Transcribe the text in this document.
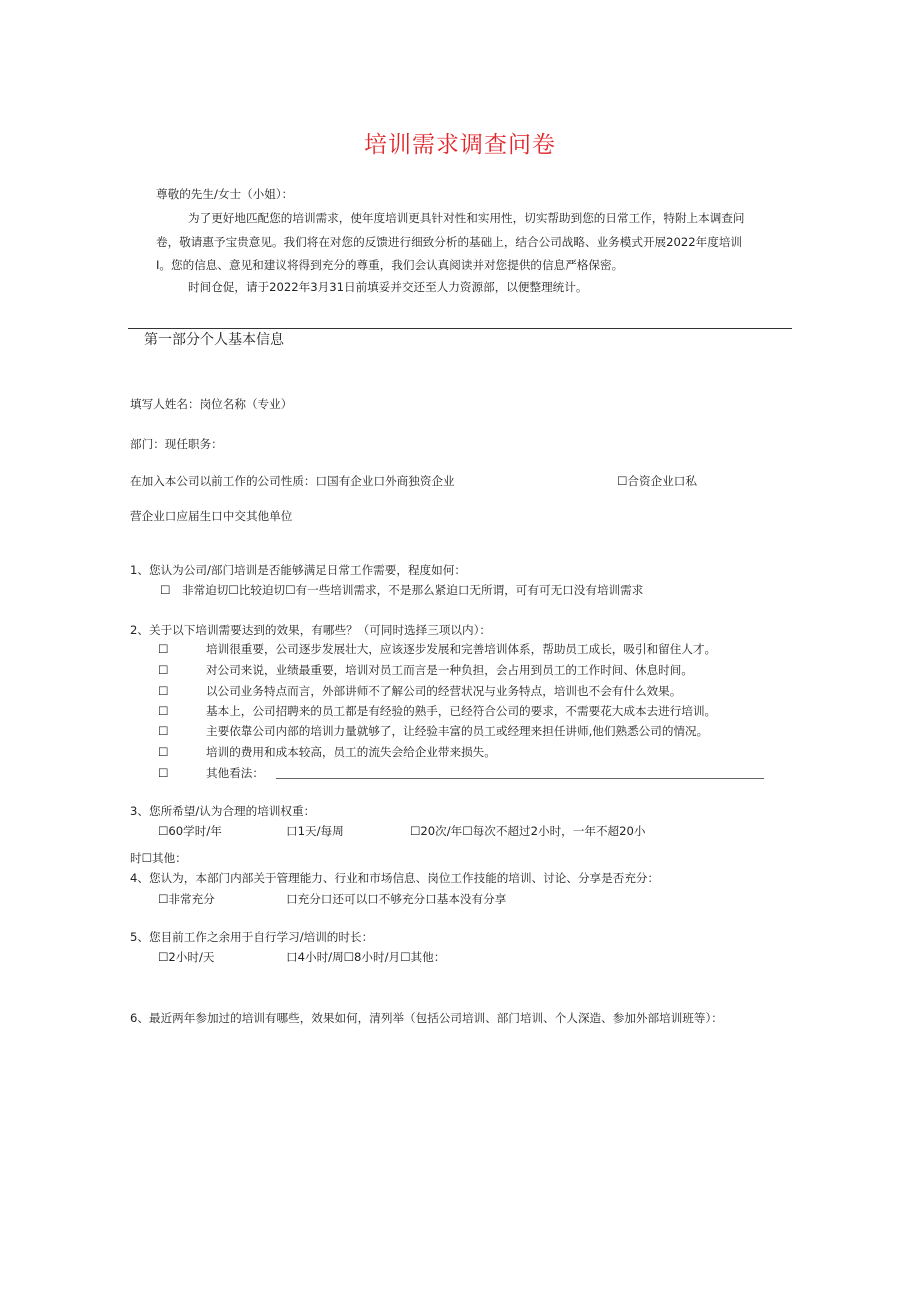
培训需求调查问卷
尊敬的先生/女士（小姐）：
为了更好地匹配您的培训需求，使年度培训更具针对性和实用性，切实帮助到您的日常工作，特附上本调查问
卷，敬请惠予宝贵意见。我们将在对您的反馈进行细致分析的基础上，结合公司战略、业务模式开展2022年度培训
I。您的信息、意见和建议将得到充分的尊重，我们会认真阅读并对您提供的信息严格保密。
时间仓促，请于2022年3月31日前填妥并交还至人力资源部，以便整理统计。
第一部分个人基本信息
填写人姓名：岗位名称（专业）
部门：现任职务：
在加入本公司以前工作的公司性质：口国有企业口外商独资企业	☐合资企业口私
营企业口应届生口中交其他单位
1、您认为公司/部门培训是否能够满足日常工作需要，程度如何：
☐　非常迫切☐比较迫切☐有一些培训需求，不是那么紧迫口无所谓，可有可无口没有培训需求
2、关于以下培训需要达到的效果，有哪些？（可同时选择三项以内）：
☐	培训很重要，公司逐步发展壮大，应该逐步发展和完善培训体系，帮助员工成长，吸引和留住人才。
☐	对公司来说，业绩最重要，培训对员工而言是一种负担，会占用到员工的工作时间、休息时间。
☐	以公司业务特点而言，外部讲师不了解公司的经营状况与业务特点，培训也不会有什么效果。
☐	基本上，公司招聘来的员工都是有经验的熟手，已经符合公司的要求，不需要花大成本去进行培训。
☐	主要依靠公司内部的培训力量就够了，让经验丰富的员工或经理来担任讲师,他们熟悉公司的情况。
☐	培训的费用和成本较高，员工的流失会给企业带来损失。
☐	其他看法：
3、您所希望/认为合理的培训权重：
☐60学时/年	口1天/每周	☐20次/年☐每次不超过2小时，一年不超20小
时☐其他：
4、您认为，本部门内部关于管理能力、行业和市场信息、岗位工作技能的培训、讨论、分享是否充分：
☐非常充分	口充分口还可以口不够充分口基本没有分享
5、您目前工作之余用于自行学习/培训的时长：
☐2小时/天	口4小时/周☐8小时/月☐其他：
6、最近两年参加过的培训有哪些，效果如何，清列举（包括公司培训、部门培训、个人深造、参加外部培训班等）：
